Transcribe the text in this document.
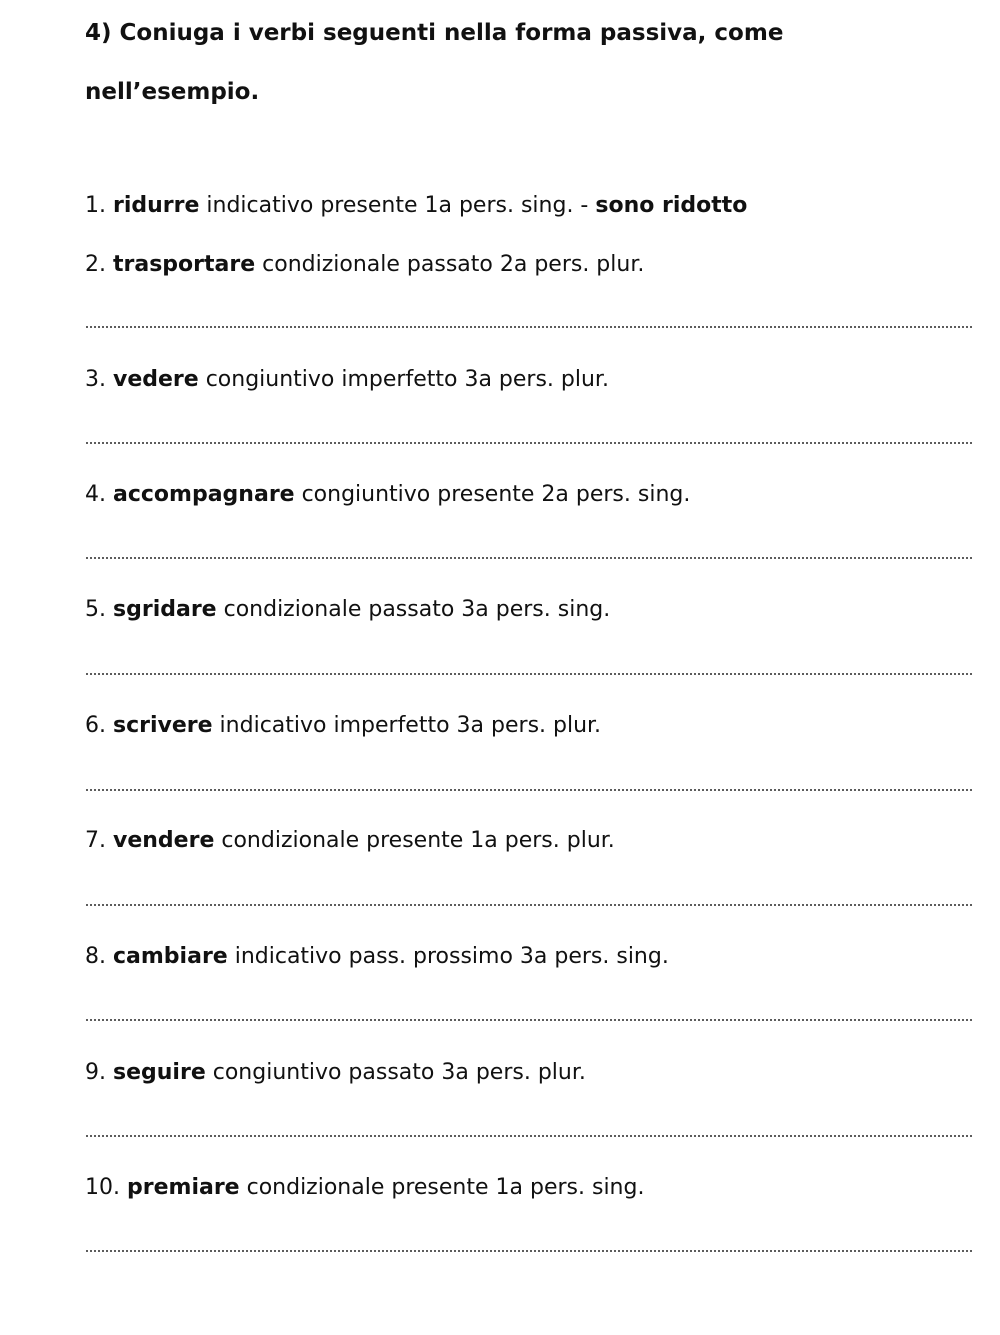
4) Coniuga i verbi seguenti nella forma passiva, come
nell’esempio.
1. ridurre indicativo presente 1a pers. sing. - sono ridotto
2. trasportare condizionale passato 2a pers. plur.
3. vedere congiuntivo imperfetto 3a pers. plur.
4. accompagnare congiuntivo presente 2a pers. sing.
5. sgridare condizionale passato 3a pers. sing.
6. scrivere indicativo imperfetto 3a pers. plur.
7. vendere condizionale presente 1a pers. plur.
8. cambiare indicativo pass. prossimo 3a pers. sing.
9. seguire congiuntivo passato 3a pers. plur.
10. premiare condizionale presente 1a pers. sing.
